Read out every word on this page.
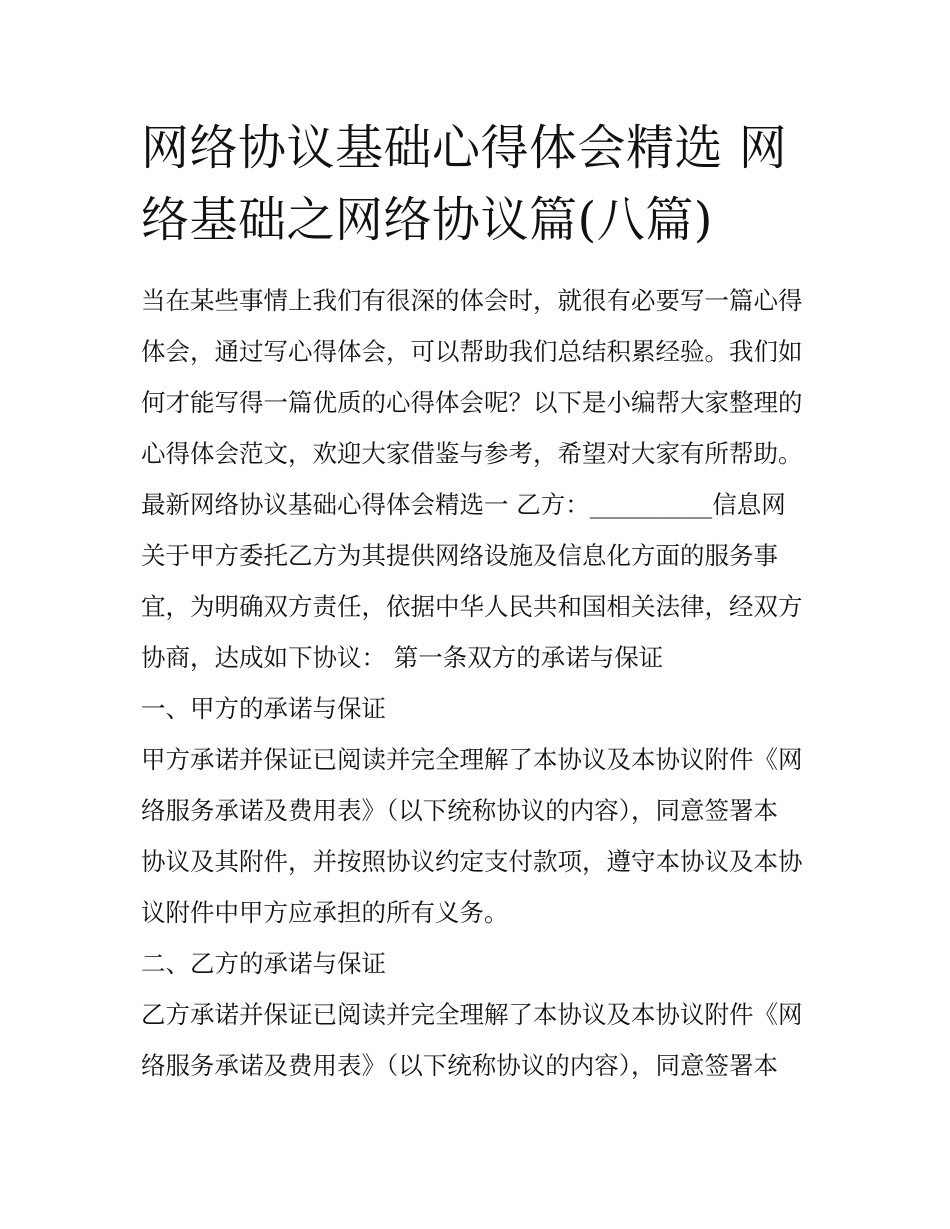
网络协议基础心得体会精选 网
络基础之网络协议篇(八篇)
当在某些事情上我们有很深的体会时，就很有必要写一篇心得
体会，通过写心得体会，可以帮助我们总结积累经验。我们如
何才能写得一篇优质的心得体会呢？以下是小编帮大家整理的
心得体会范文，欢迎大家借鉴与参考，希望对大家有所帮助。
最新网络协议基础心得体会精选一 乙方：__________信息网
关于甲方委托乙方为其提供网络设施及信息化方面的服务事
宜，为明确双方责任，依据中华人民共和国相关法律，经双方
协商，达成如下协议： 第一条双方的承诺与保证
一、甲方的承诺与保证
甲方承诺并保证已阅读并完全理解了本协议及本协议附件《网
络服务承诺及费用表》（以下统称协议的内容），同意签署本
协议及其附件，并按照协议约定支付款项，遵守本协议及本协
议附件中甲方应承担的所有义务。
二、乙方的承诺与保证
乙方承诺并保证已阅读并完全理解了本协议及本协议附件《网
络服务承诺及费用表》（以下统称协议的内容），同意签署本
